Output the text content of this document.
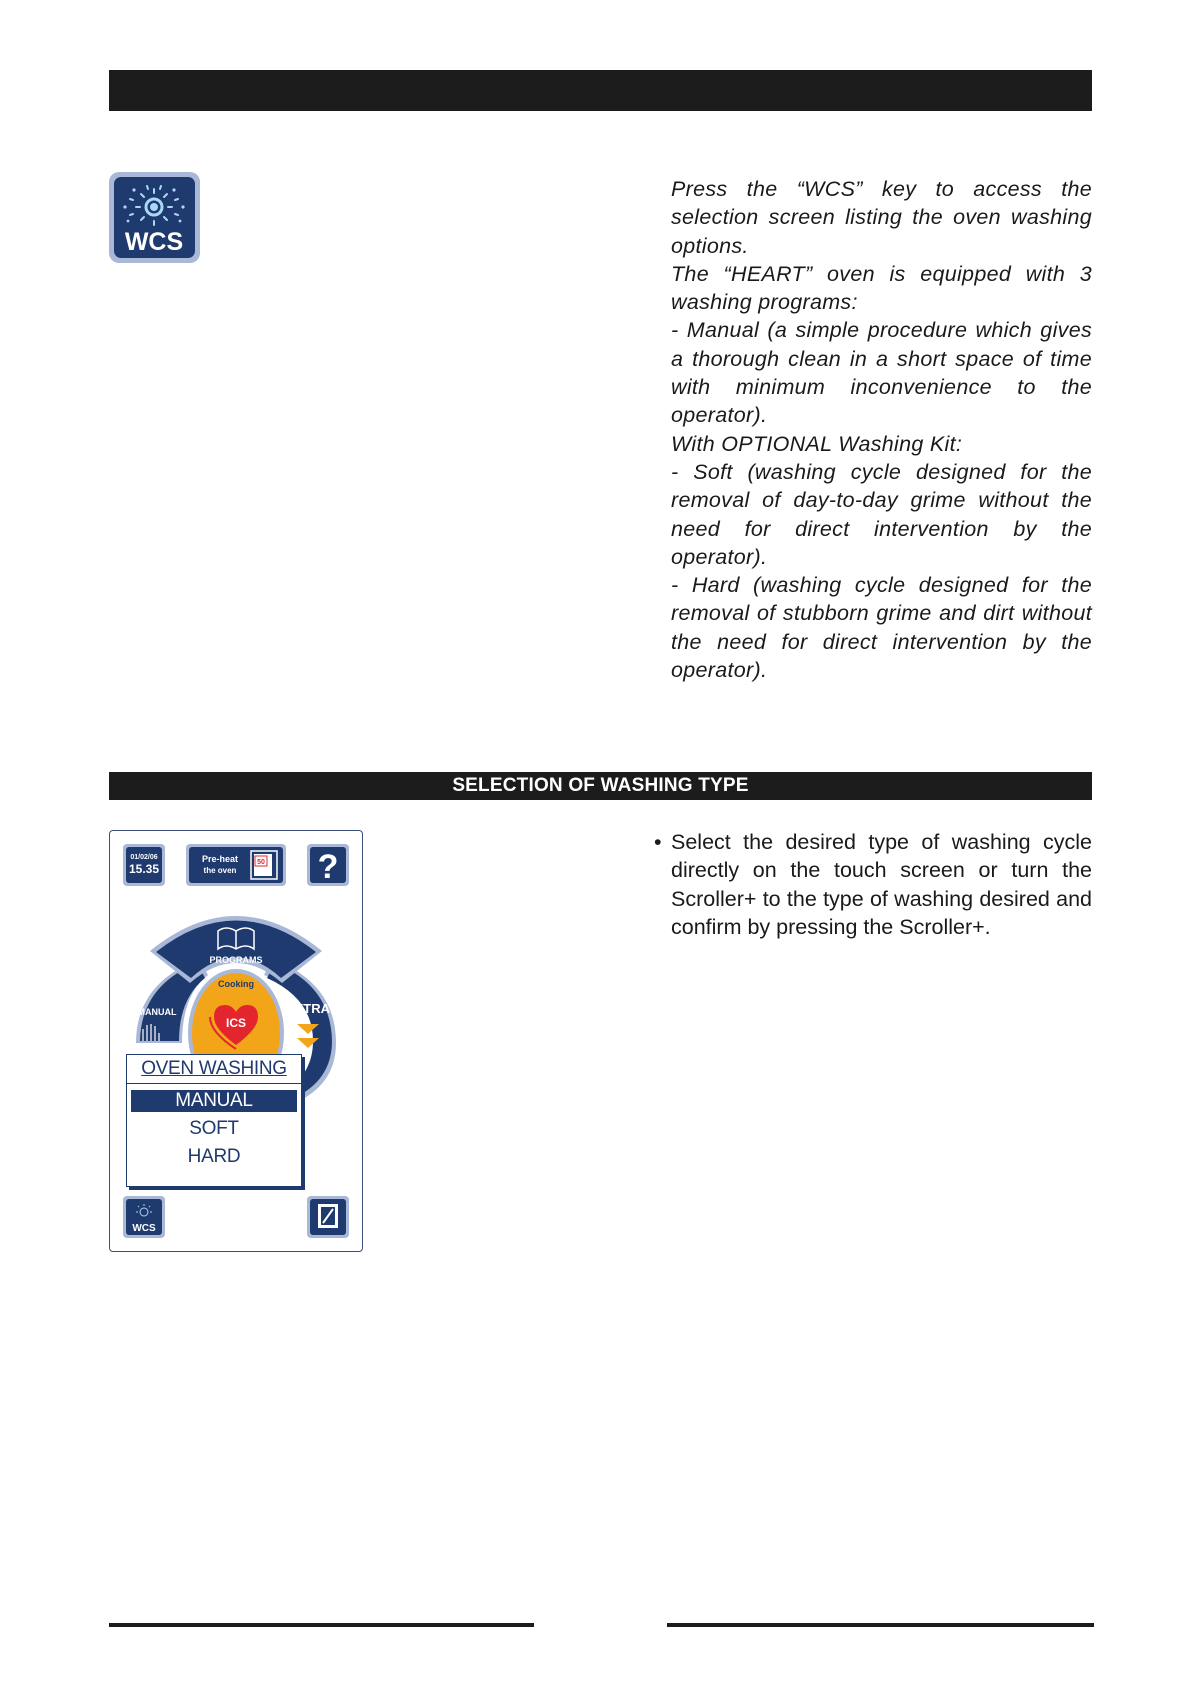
WCS

Press the “WCS” key to access the selection screen listing the oven washing options.

The “HEART” oven is equipped with 3 washing programs:

- Manual (a simple procedure which gives a thorough clean in a short space of time with minimum inconvenience to the operator).

With OPTIONAL Washing Kit:

- Soft (washing cycle designed for the removal of day-to-day grime without the need for direct intervention by the operator).

- Hard (washing cycle designed for the removal of stubborn grime and dirt without the need for direct intervention by the operator).

SELECTION OF WASHING TYPE
01/02/06
15.35
Pre-heat
the oven
50 ?
EXTRA
MANUAL
PROGRAMS
Cooking
ICS
WCS
OVEN WASHING
MANUAL
SOFT
HARD
• Select the desired type of washing cycle directly on the touch screen or turn the Scroller+ to the type of washing desired and confirm by pressing the Scroller+.
